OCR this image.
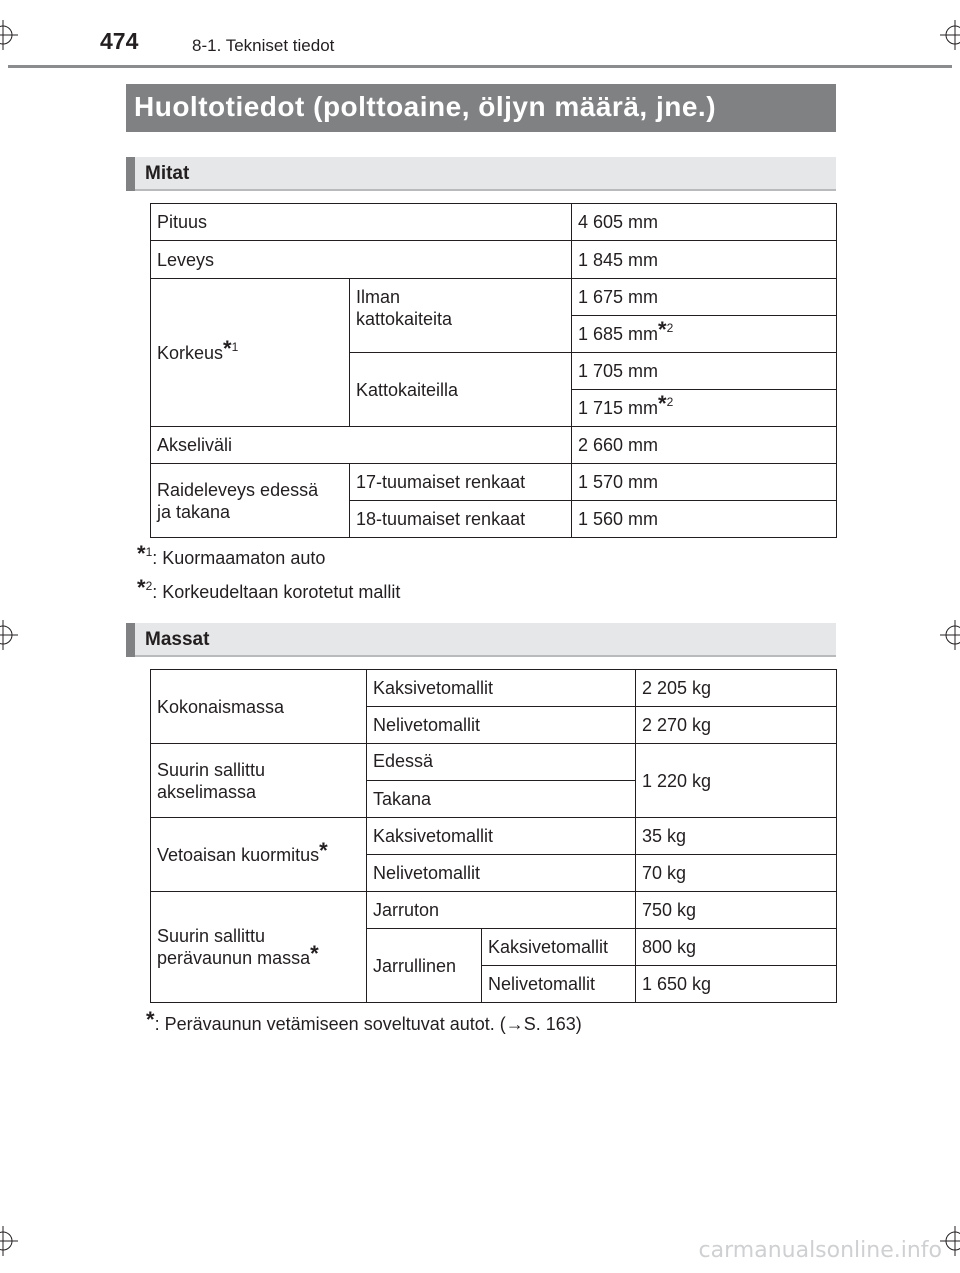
474	8-1. Tekniset tiedot
Huoltotiedot (polttoaine, öljyn määrä, jne.)
Mitat
Pituus		4 605 mm
Leveys		1 845 mm
Korkeus*$^1$	Ilman kattokaiteita	1 675 mm
		1 685 mm*$^2$
	Kattokaiteilla	1 705 mm
		1 715 mm*$^2$
Akseliväli		2 660 mm

Raideleveys edessä ja takana	17-tuumaiset renkaat	1 570 mm
	18-tuumaiset renkaat	1 560 mm
*$^1$: Kuormaamaton auto
*$^2$: Korkeudeltaan korotetut mallit
Massat
Kokonaismassa	Kaksivetomallit		2 205 kg
	Nelivetomallit		2 270 kg

Suurin sallittu akselimassa	Edessä		1 220 kg
	Takana		
Vetoaisan kuormitus*	Kaksivetomallit		35 kg
	Nelivetomallit		70 kg
Suurin sallittu perävaunun massa*	Jarruton		750 kg
	Jarrullinen	Kaksivetomallit	800 kg
		Nelivetomallit	1 650 kg
*: Perävaunun vetämiseen soveltuvat autot. (→S. 163)
carmanualsonline.info
